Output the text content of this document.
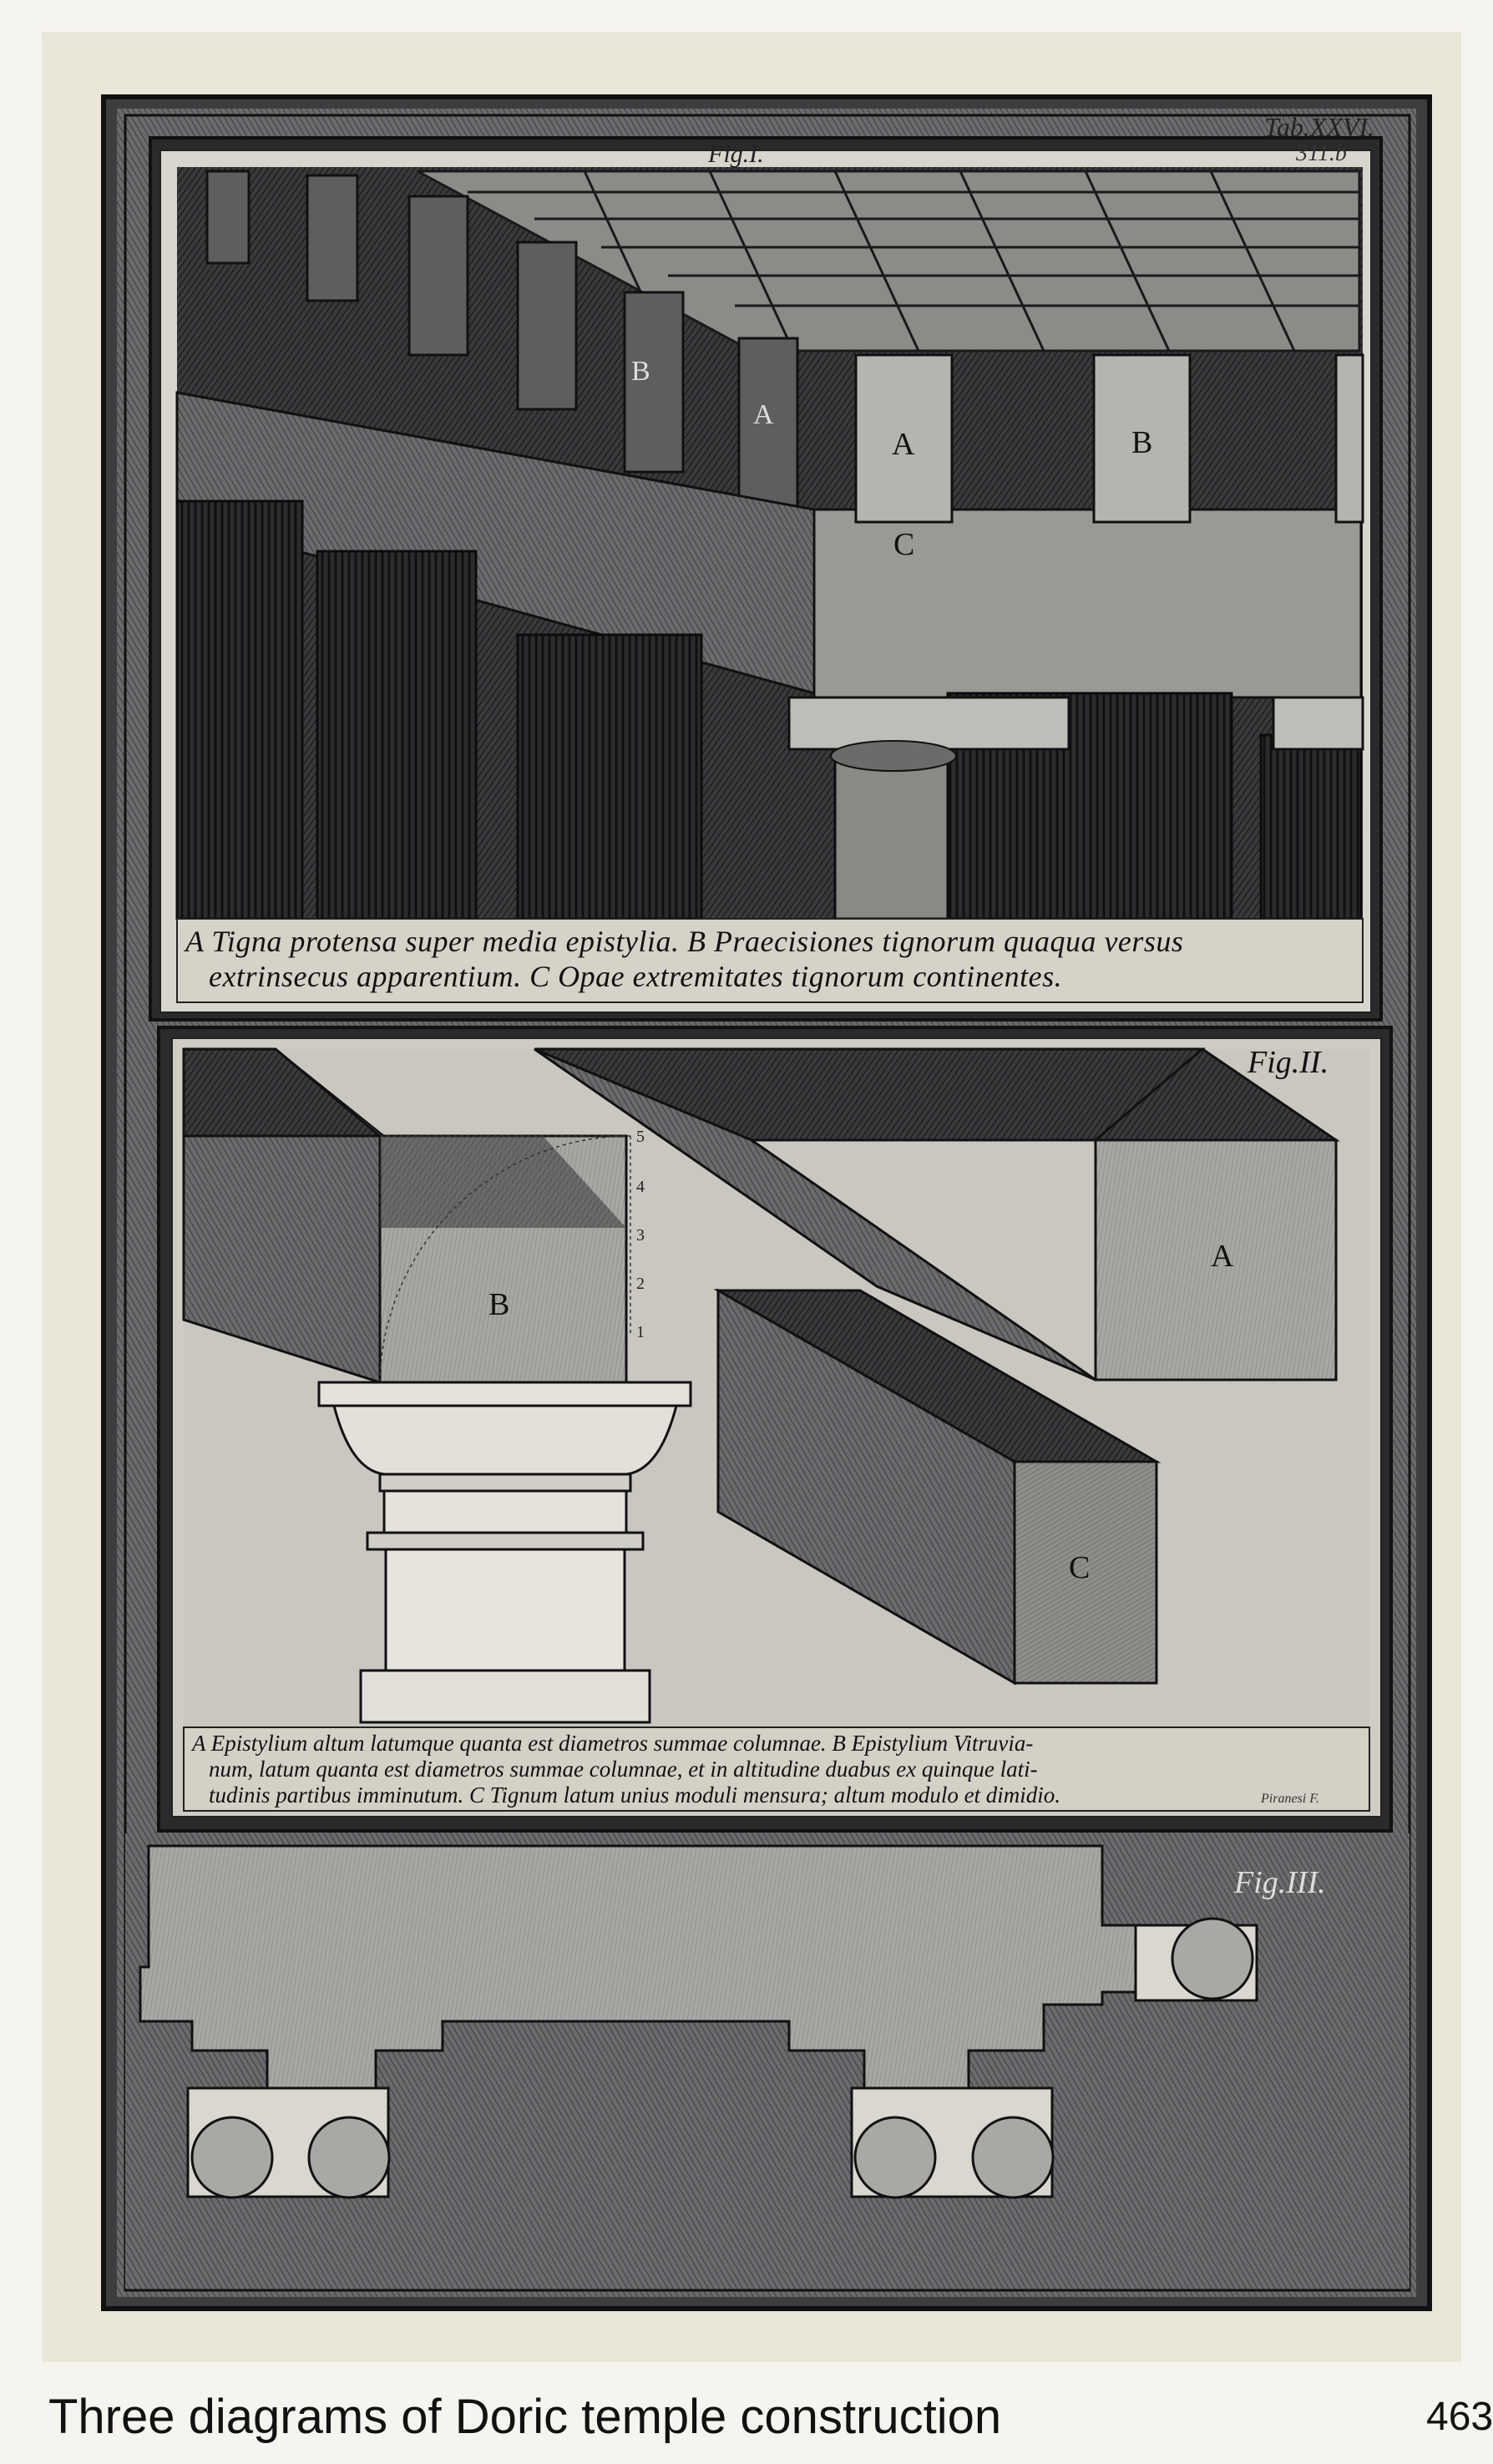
Tab.XXVI.
311.b
Fig.I.
B
A
A	B
C
A Tigna protensa super media epistylia. B Praecisiones tignorum quaqua versus
extrinsecus apparentium. C Opae extremitates tignorum continentes.
Fig.II.
A
B
C
5
4
3
2
1
A Epistylium altum latumque quanta est diametros summae columnae. B Epistylium Vitruvia-
num, latum quanta est diametros summae columnae, et in altitudine duabus ex quinque lati-
tudinis partibus imminutum. C Tignum latum unius moduli mensura; altum modulo et dimidio.	Piranesi F.
Fig.III.
Three diagrams of Doric temple construction	463
